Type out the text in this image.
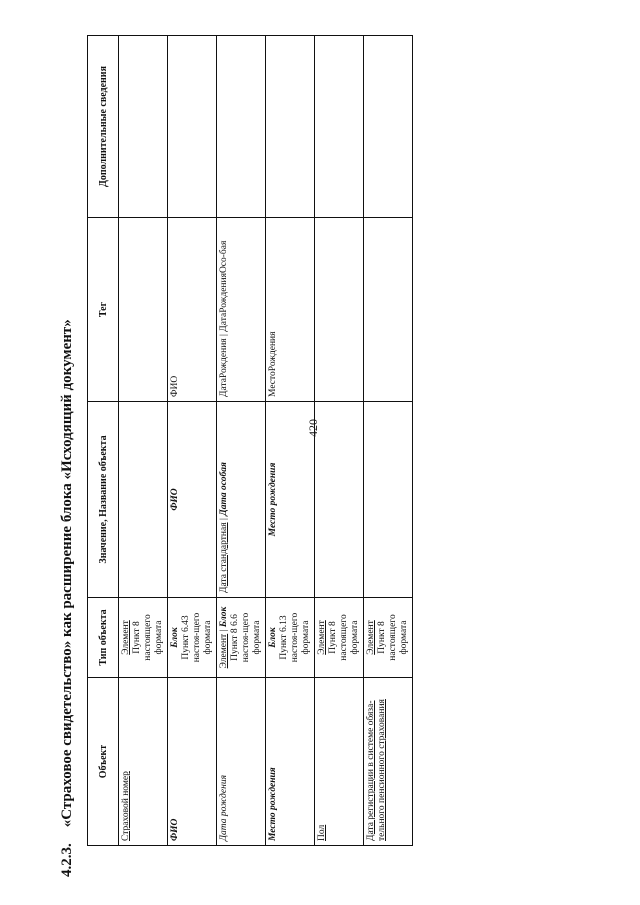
420
4.2.3.«Страховое свидетельство» как расширение блока «Исходящий документ»	Объект	Тип объекта	Значение, Название объекта	Тег	Дополнительные сведения
Страховой номер	Элемент Пункт 8 настоящего формата			

ФИО	Блок Пункт 6.43 настоя-щего формата	ФИО	ФИО	
Дата рождения	Элемент | Блок Пункт 8 6.6 настоя-щего формата	Дата стандартная | Дата особая	ДатаРождения | ДатаРожденияОсо-бая	
Место рождения	Блок Пункт 6.13 настоя-щего формата	Место рождения	МестоРождения	
Пол	Элемент Пункт 8 настоящего формата			

Дата регистрации в системе обяза-тельного пенсионного страхования	Элемент Пункт 8 настоящего формата			
